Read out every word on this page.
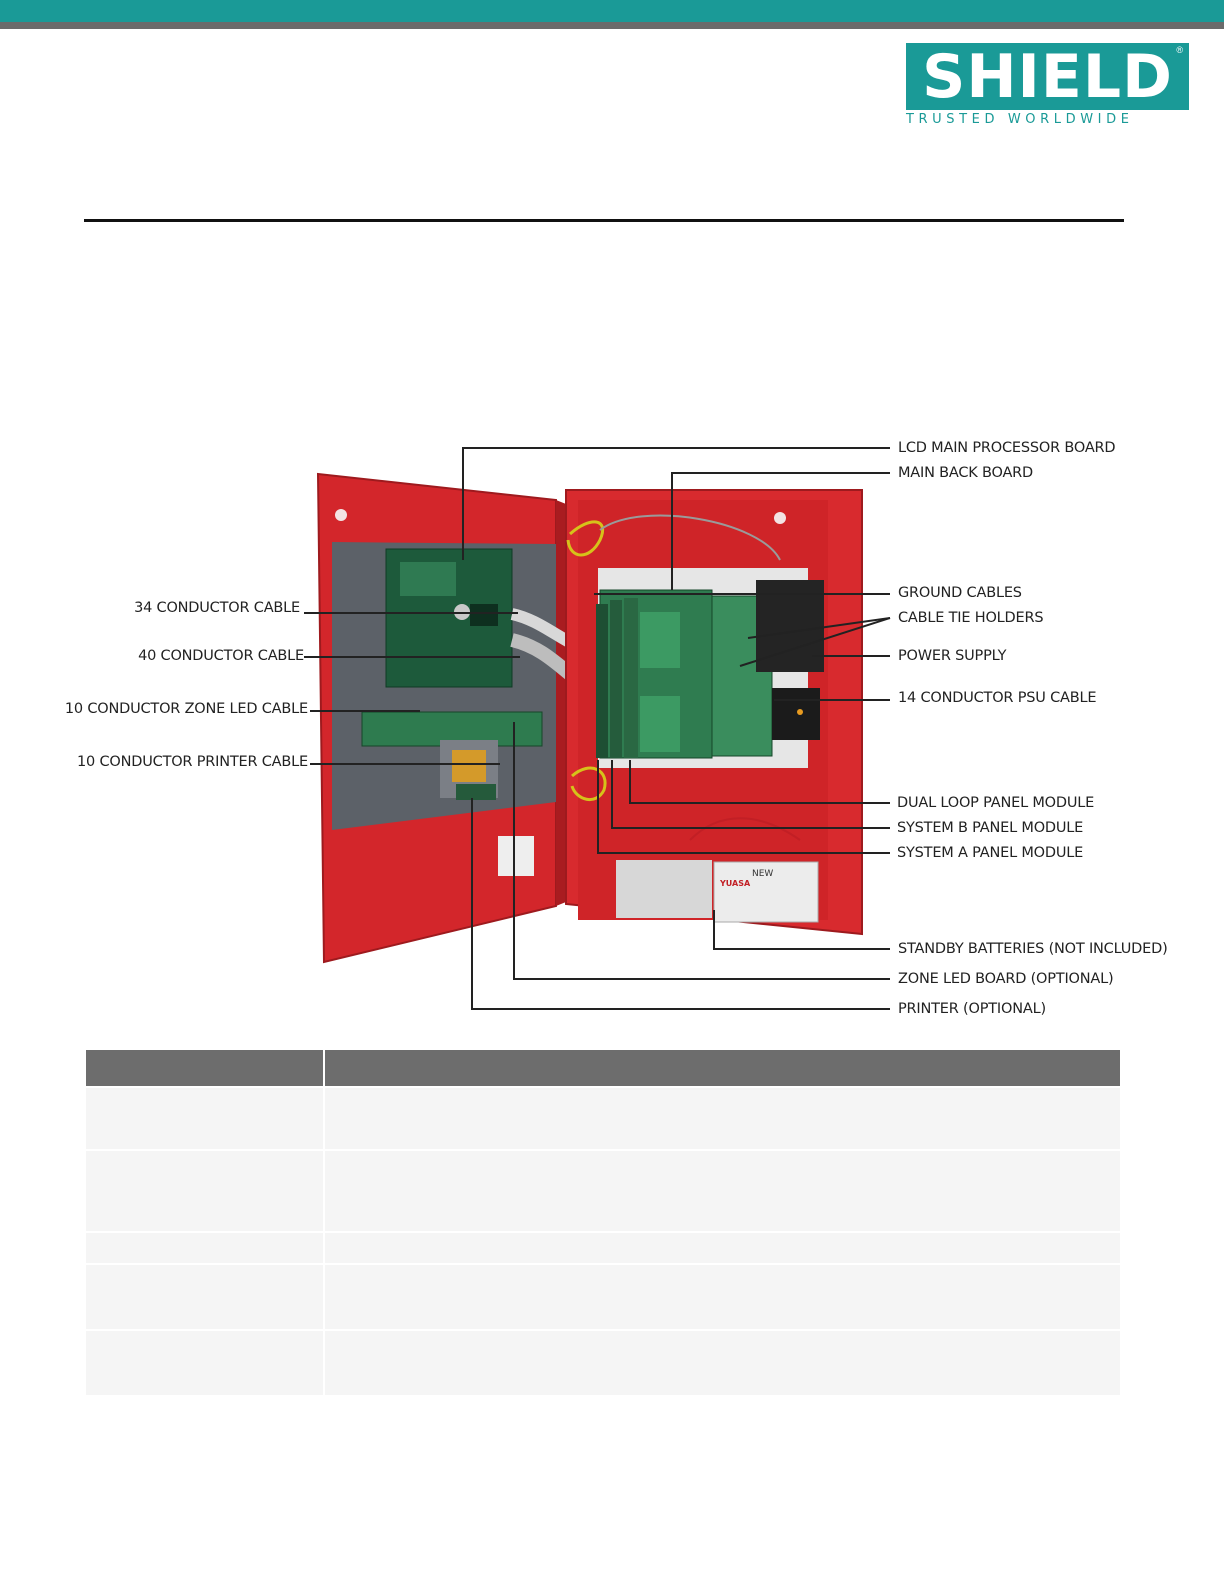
SHIELD ®
TRUSTED WORLDWIDE
YUASA
NEW
LCD MAIN PROCESSOR BOARD
MAIN BACK BOARD
GROUND CABLES
CABLE TIE HOLDERS
POWER SUPPLY
14 CONDUCTOR PSU CABLE
DUAL LOOP PANEL MODULE
SYSTEM B PANEL MODULE
SYSTEM A PANEL MODULE
STANDBY BATTERIES (NOT INCLUDED)
ZONE LED BOARD (OPTIONAL)
PRINTER (OPTIONAL)
34 CONDUCTOR CABLE
40 CONDUCTOR CABLE
10 CONDUCTOR ZONE LED CABLE
10 CONDUCTOR PRINTER CABLE
